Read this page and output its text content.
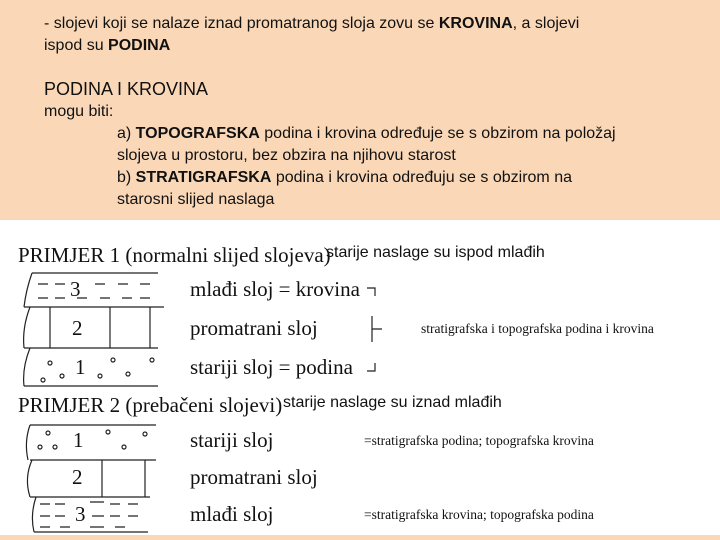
- slojevi koji se nalaze iznad promatranog sloja zovu se KROVINA, a slojevi
ispod su PODINA
PODINA I KROVINA
mogu biti:
a) TOPOGRAFSKA podina i krovina određuje se s obzirom na položaj
slojeva u prostoru, bez obzira na njihovu starost
b) STRATIGRAFSKA podina i krovina određuju se s obzirom na
starosni slijed naslaga
PRIMJER 1 (normalni slijed slojeva)
starije naslage su ispod mlađih
3
2
1
mlađi sloj = krovina
promatrani sloj
stariji sloj = podina
stratigrafska i topografska podina i krovina
PRIMJER 2 (prebačeni slojevi) starije naslage su iznad mlađih
1
2
3
stariji sloj
promatrani sloj
mlađi sloj
=stratigrafska podina; topografska krovina
=stratigrafska krovina; topografska podina
